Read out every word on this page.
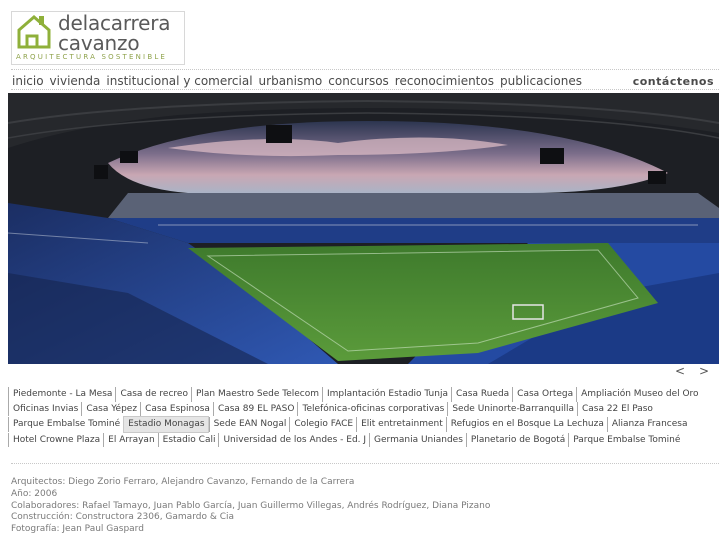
delacarrera
cavanzo
ARQUITECTURA SOSTENIBLE
inicio vivienda institucional y comercial urbanismo concursos reconocimientos publicaciones	contáctenos
< >
Piedemonte - La Mesa Casa de recreo Plan Maestro Sede Telecom Implantación Estadio Tunja Casa Rueda Casa Ortega Ampliación Museo del Oro
Oficinas Invias Casa Yépez Casa Espinosa Casa 89 EL PASO Telefónica-oficinas corporativas Sede Uninorte-Barranquilla Casa 22 El Paso
Parque Embalse Tominé Estadio Monagas Sede EAN Nogal Colegio FACE Elit entretainment Refugios en el Bosque La Lechuza Alianza Francesa
Hotel Crowne Plaza El Arrayan Estadio Cali Universidad de los Andes - Ed. J Germania Uniandes Planetario de Bogotá Parque Embalse Tominé
Arquitectos: Diego Zorio Ferraro, Alejandro Cavanzo, Fernando de la Carrera
Año: 2006
Colaboradores: Rafael Tamayo, Juan Pablo García, Juan Guillermo Villegas, Andrés Rodríguez, Diana Pizano
Construcción: Constructora 2306, Gamardo & Cia
Fotografía: Jean Paul Gaspard
